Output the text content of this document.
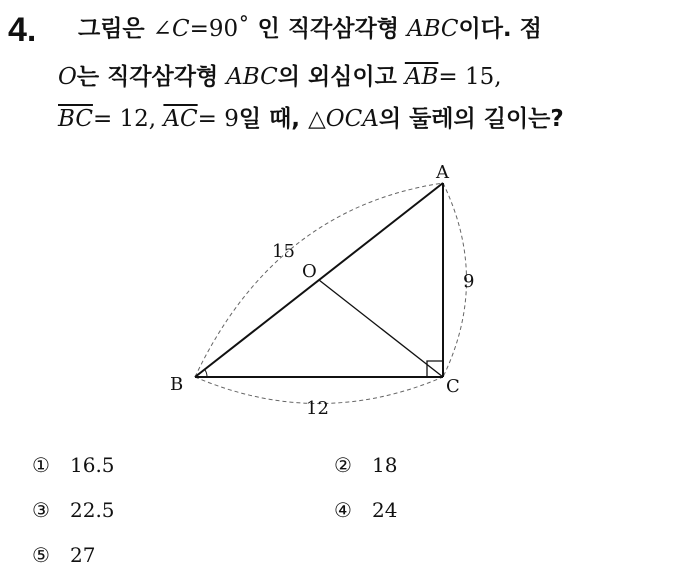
4. 그림은 ∠C=90˚ 인 직각삼각형 ABC이다. 점
O는 직각삼각형 ABC의 외심이고 $\overline{AB}= 15$,
$\overline{BC}= 12$, $\overline{AC}= 9$일 때, △OCA의 둘레의 길이는?
A
B	C
O
15
9
12
① 16.5	② 18
③ 22.5	④ 24
⑤ 27
